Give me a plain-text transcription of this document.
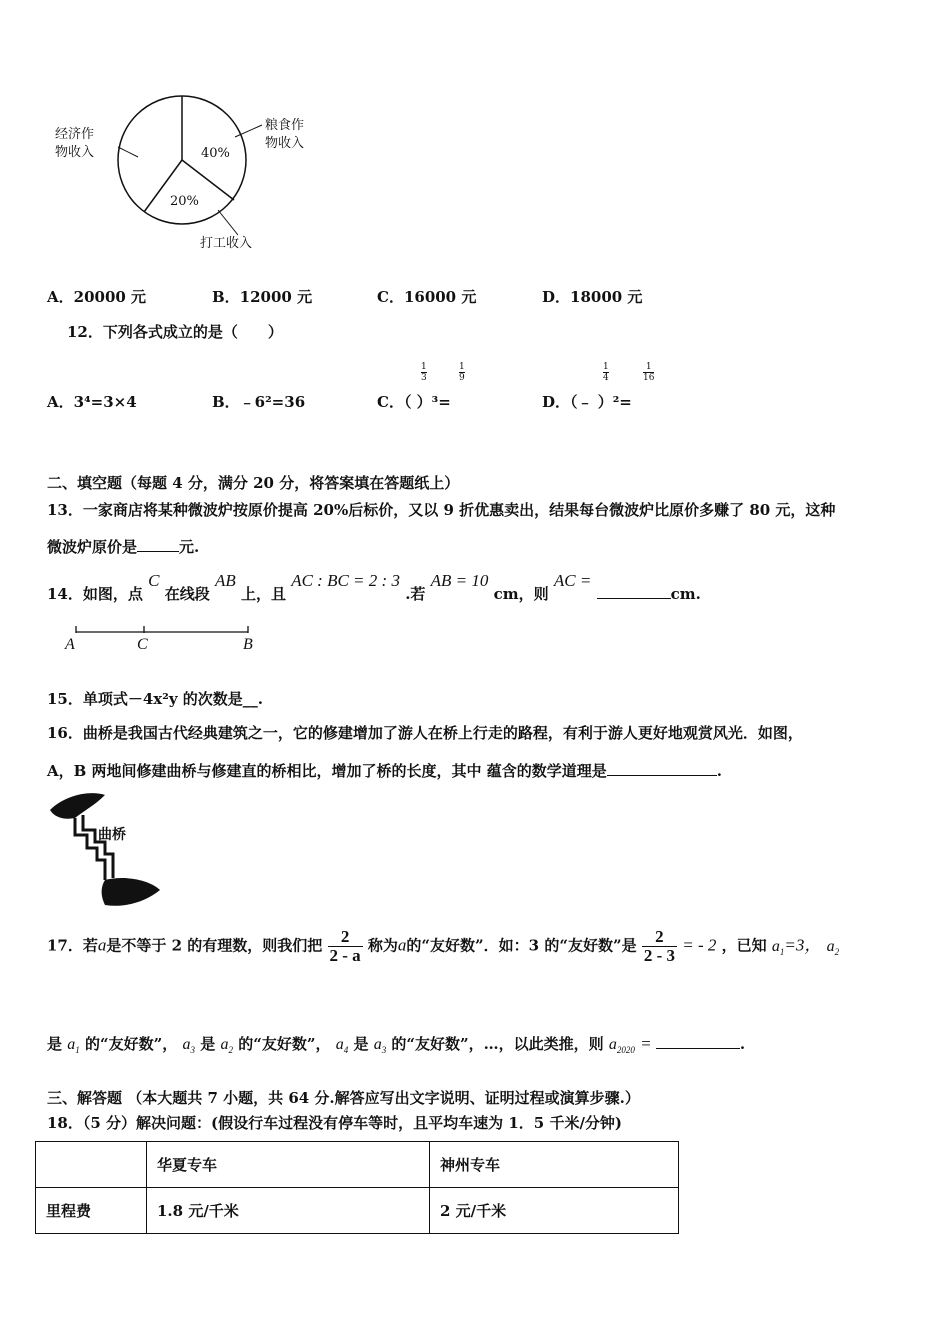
经济作
物收入
粮食作
物收入
40%
20%
打工收入
A．20000 元	B．12000 元	C．16000 元	D．18000 元
12．下列各式成立的是（　　）
A．3⁴=3×4	B．﹣6²=36	C．（ ）³=
1
3
1
9
D．（﹣ ）²=
1
4
1
16
二、填空题（每题 4 分，满分 20 分，将答案填在答题纸上）
13．一家商店将某种微波炉按原价提高 20%后标价，又以 9 折优惠卖出，结果每台微波炉比原价多赚了 80 元，这种
微波炉原价是	元.
14．如图，点 C 在线段 AB 上，且 AC : BC = 2 : 3 .若 AB = 10 cm，则 AC = cm.
A	C	B
15．单项式－4x²y 的次数是__.
16．曲桥是我国古代经典建筑之一，它的修建增加了游人在桥上行走的路程，有利于游人更好地观赏风光．如图，
A，B 两地间修建曲桥与修建直的桥相比，增加了桥的长度，其中 蕴含的数学道理是	.
曲桥
17．若a是不等于 2 的有理数，则我们把 $\frac{2}{2 - a}$ 称为a的“友好数”．如：3 的“友好数”是 $\frac{2}{2 - 3}$ = - 2 ，已知 $a_1=3$， $a_2$
是 $a_1$ 的“友好数”， $a_3$ 是 $a_2$ 的“友好数”， $a_4$ 是 $a_3$ 的“友好数”，…，以此类推，则 $a_{2020}$ =	.
三、解答题 （本大题共 7 小题，共 64 分.解答应写出文字说明、证明过程或演算步骤.）
18．（5 分）解决问题：(假设行车过程没有停车等时，且平均车速为 1．5 千米/分钟)
	华夏专车	神州专车
里程费	1.8 元/千米	2 元/千米
